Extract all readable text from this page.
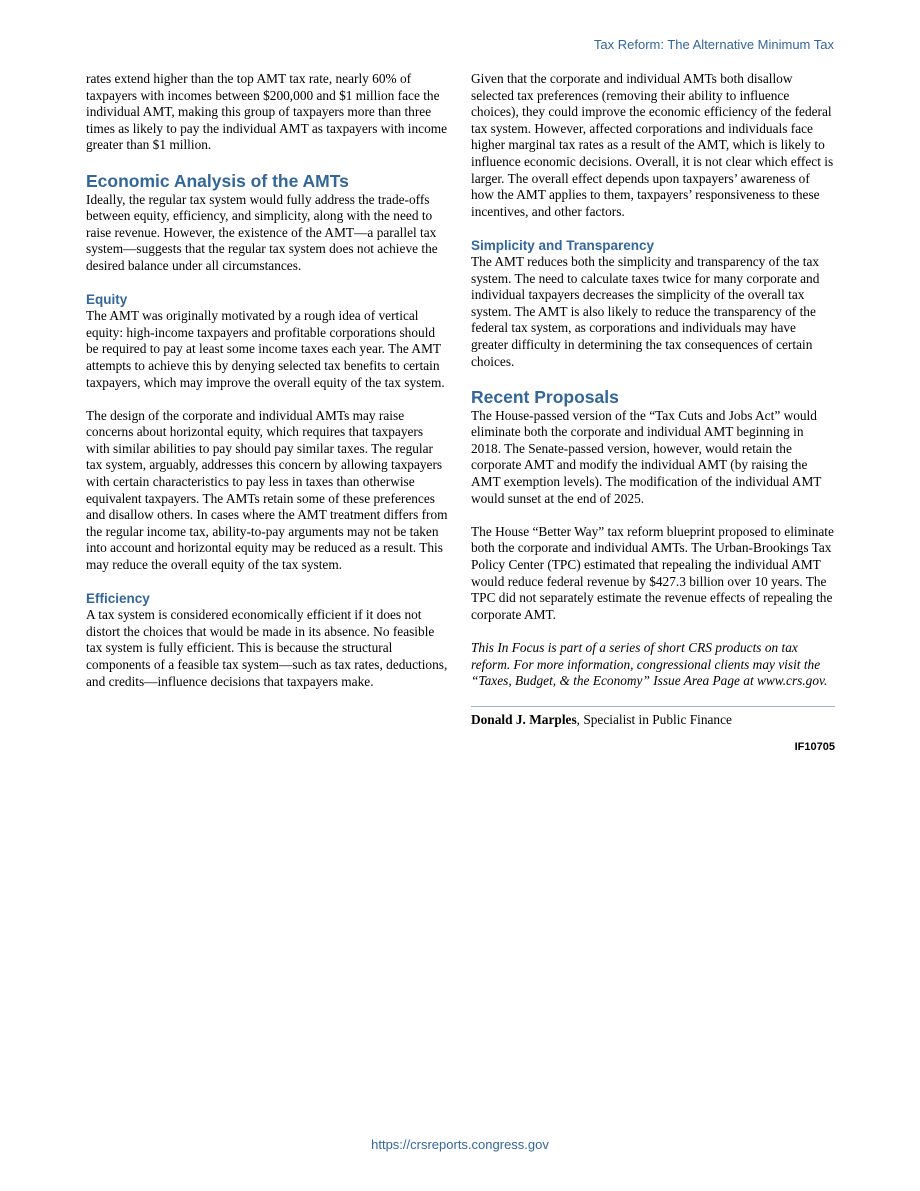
Tax Reform: The Alternative Minimum Tax

rates extend higher than the top AMT tax rate, nearly 60% of taxpayers with incomes between $200,000 and $1 million face the individual AMT, making this group of taxpayers more than three times as likely to pay the individual AMT as taxpayers with income greater than $1 million.

Economic Analysis of the AMTs

Ideally, the regular tax system would fully address the trade-offs between equity, efficiency, and simplicity, along with the need to raise revenue. However, the existence of the AMT—a parallel tax system—suggests that the regular tax system does not achieve the desired balance under all circumstances.

Equity

The AMT was originally motivated by a rough idea of vertical equity: high-income taxpayers and profitable corporations should be required to pay at least some income taxes each year. The AMT attempts to achieve this by denying selected tax benefits to certain taxpayers, which may improve the overall equity of the tax system.

The design of the corporate and individual AMTs may raise concerns about horizontal equity, which requires that taxpayers with similar abilities to pay should pay similar taxes. The regular tax system, arguably, addresses this concern by allowing taxpayers with certain characteristics to pay less in taxes than otherwise equivalent taxpayers. The AMTs retain some of these preferences and disallow others. In cases where the AMT treatment differs from the regular income tax, ability-to-pay arguments may not be taken into account and horizontal equity may be reduced as a result. This may reduce the overall equity of the tax system.

Efficiency

A tax system is considered economically efficient if it does not distort the choices that would be made in its absence. No feasible tax system is fully efficient. This is because the structural components of a feasible tax system—such as tax rates, deductions, and credits—influence decisions that taxpayers make.

Given that the corporate and individual AMTs both disallow selected tax preferences (removing their ability to influence choices), they could improve the economic efficiency of the federal tax system. However, affected corporations and individuals face higher marginal tax rates as a result of the AMT, which is likely to influence economic decisions. Overall, it is not clear which effect is larger. The overall effect depends upon taxpayers’ awareness of how the AMT applies to them, taxpayers’ responsiveness to these incentives, and other factors.

Simplicity and Transparency

The AMT reduces both the simplicity and transparency of the tax system. The need to calculate taxes twice for many corporate and individual taxpayers decreases the simplicity of the overall tax system. The AMT is also likely to reduce the transparency of the federal tax system, as corporations and individuals may have greater difficulty in determining the tax consequences of certain choices.

Recent Proposals

The House-passed version of the “Tax Cuts and Jobs Act” would eliminate both the corporate and individual AMT beginning in 2018. The Senate-passed version, however, would retain the corporate AMT and modify the individual AMT (by raising the AMT exemption levels). The modification of the individual AMT would sunset at the end of 2025.

The House “Better Way” tax reform blueprint proposed to eliminate both the corporate and individual AMTs. The Urban-Brookings Tax Policy Center (TPC) estimated that repealing the individual AMT would reduce federal revenue by $427.3 billion over 10 years. The TPC did not separately estimate the revenue effects of repealing the corporate AMT.

This In Focus is part of a series of short CRS products on tax reform. For more information, congressional clients may visit the “Taxes, Budget, & the Economy” Issue Area Page at www.crs.gov.

Donald J. Marples, Specialist in Public Finance

IF10705
https://crsreports.congress.gov
